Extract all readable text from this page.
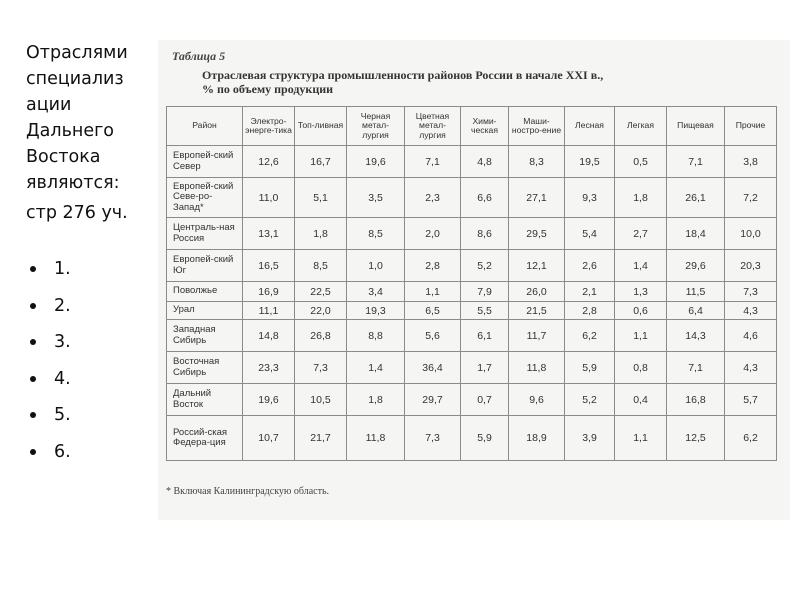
Отраслями
специализ
ации
Дальнего
Востока
являются:

стр 276 уч.
1.
2.
3.
4.
5.
6.
Таблица 5
Отраслевая структура промышленности районов России в начале XXI в.,
% по объему продукции
Район	Электро-энерге-тика	Топ-ливная	Черная метал-лургия	Цветная метал-лургия	Хими-ческая	Маши-ностро-ение	Лесная	Легкая	Пищевая	Прочие
Европей-ский Север	12,6	16,7	19,6	7,1	4,8	8,3	19,5	0,5	7,1	3,8
Европей-ский Севе-ро-Запад*	11,0	5,1	3,5	2,3	6,6	27,1	9,3	1,8	26,1	7,2
Централь-ная Россия	13,1	1,8	8,5	2,0	8,6	29,5	5,4	2,7	18,4	10,0
Европей-ский Юг	16,5	8,5	1,0	2,8	5,2	12,1	2,6	1,4	29,6	20,3
Поволжье	16,9	22,5	3,4	1,1	7,9	26,0	2,1	1,3	11,5	7,3
Урал	11,1	22,0	19,3	6,5	5,5	21,5	2,8	0,6	6,4	4,3
Западная Сибирь	14,8	26,8	8,8	5,6	6,1	11,7	6,2	1,1	14,3	4,6
Восточная Сибирь	23,3	7,3	1,4	36,4	1,7	11,8	5,9	0,8	7,1	4,3
Дальний Восток	19,6	10,5	1,8	29,7	0,7	9,6	5,2	0,4	16,8	5,7
Россий-ская Федера-ция	10,7	21,7	11,8	7,3	5,9	18,9	3,9	1,1	12,5	6,2
* Включая Калининградскую область.
